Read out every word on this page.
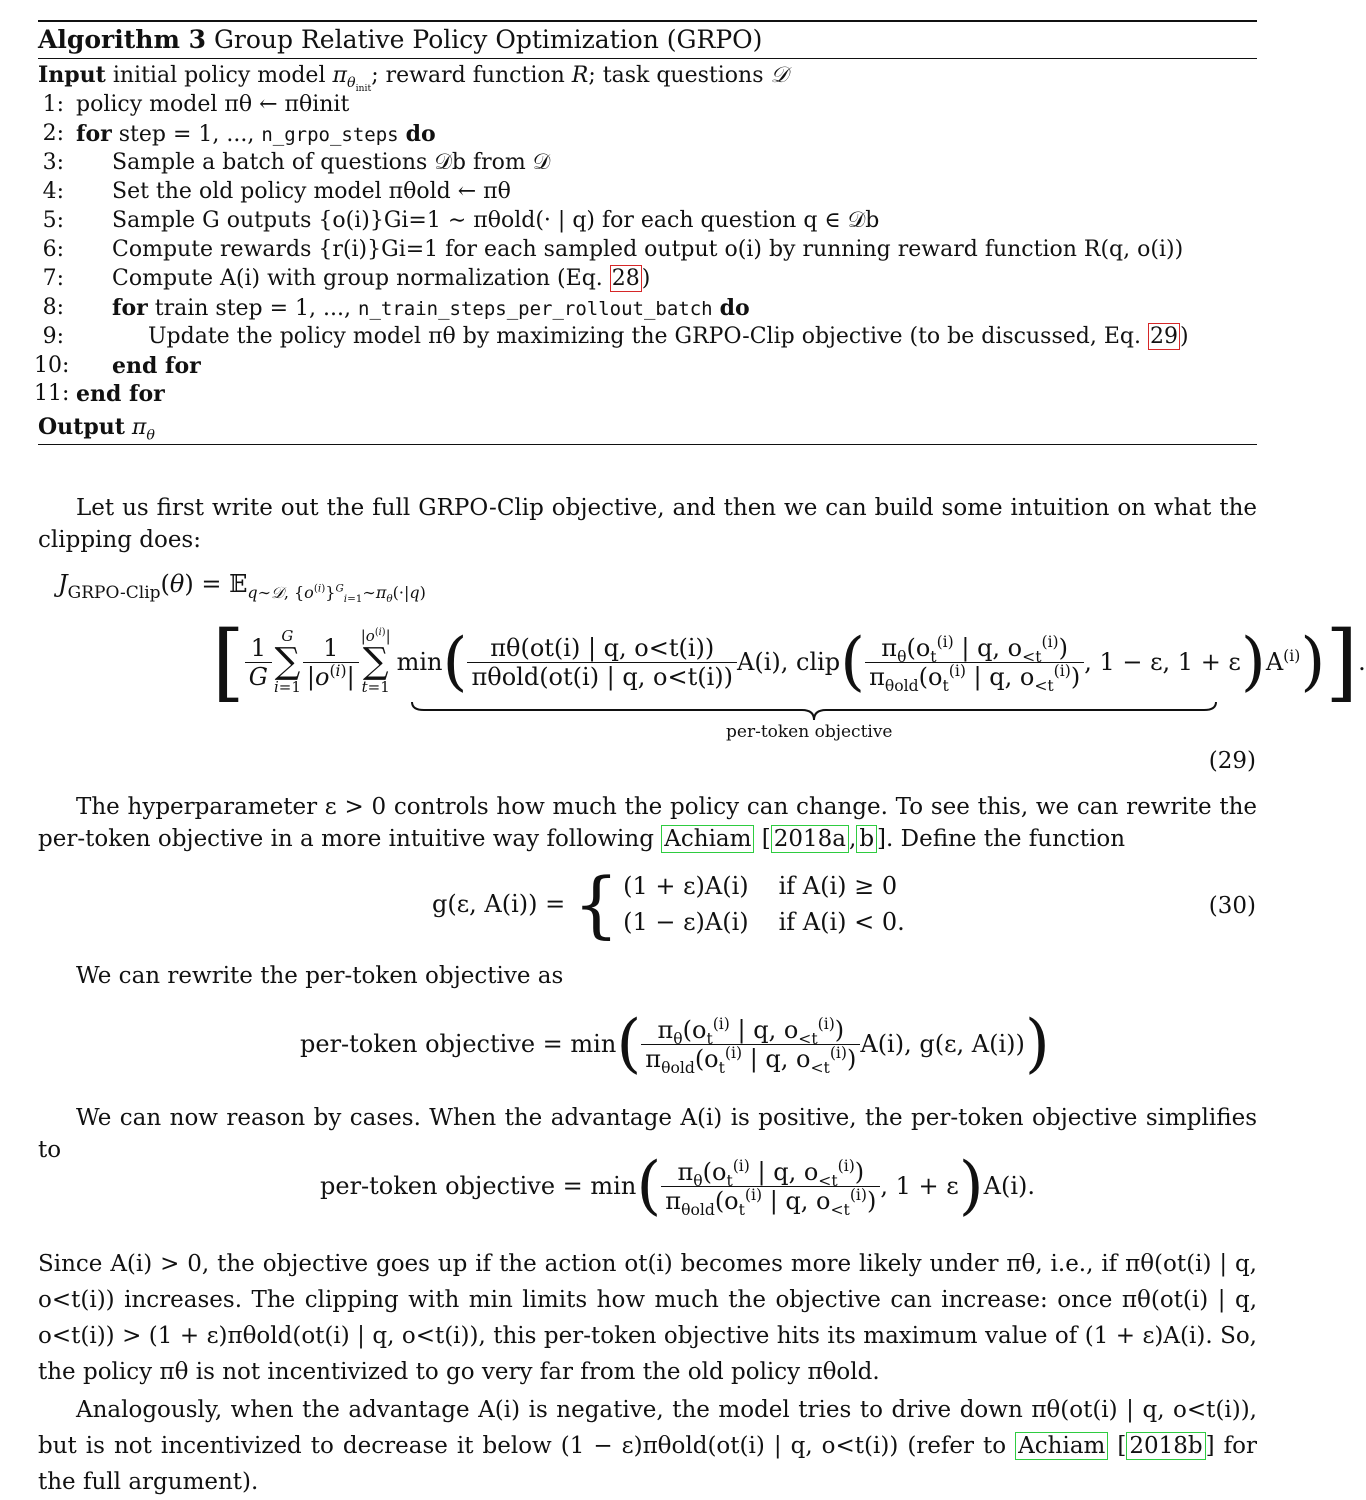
Algorithm 3 Group Relative Policy Optimization (GRPO)
Input initial policy model $\pi_{\theta_{init}}$; reward function R; task questions 𝒟
1: policy model πθ ← πθinit
2: for step = 1, ..., n_grpo_steps do
3: Sample a batch of questions 𝒟b from 𝒟
4: Set the old policy model πθold ← πθ
5: Sample G outputs {o(i)}Gi=1 ∼ πθold(· | q) for each question q ∈ 𝒟b
6: Compute rewards {r(i)}Gi=1 for each sampled output o(i) by running reward function R(q, o(i))
7: Compute A(i) with group normalization (Eq. 28)
8: for train step = 1, ..., n_train_steps_per_rollout_batch do
9:	Update the policy model πθ by maximizing the GRPO-Clip objective (to be discussed, Eq. 29)
10: end for
11: end for
Output $\pi_\theta$
Let us first write out the full GRPO-Clip objective, and then we can build some intuition on what the clipping does:
$J_{GRPO-Clip}(\theta)$ = 𝔼$_{q\sim 𝒟, \{o^{(i)}\}^G_{i=1}\sim\pi_\theta(\cdot|q)}$
[ $\frac{1}{G}$ G
∑
$i=1 \frac{1}{|o^{(i)}|} |o^{(i)}|$
∑
t=1
min ( $\frac{\pi\theta(ot(i) | q, o<t(i))}{\text{πθold(ot(i) | q, o<t(i))}} A(i)$ , clip ( $\frac{\pi_\theta(o_t^{(i)} | q, o_{<t}^{(i)})}{\pi_{\theta old}(o_t^{(i)} | q, o_{<t}^{(i)})}$ , 1 − ε, 1 + ε ) $A^{(i)}$ ) ] .
per-token objective
(29)
The hyperparameter ε > 0 controls how much the policy can change. To see this, we can rewrite the per-token objective in a more intuitive way following Achiam [ 2018a , b ]. Define the function
g(ε, A(i)) = { (1 + ε)A(i)
(1 − ε)A(i)
if A(i) ≥ 0
if A(i) < 0.
(30)
We can rewrite the per-token objective as
per-token objective = min ( $\frac{\pi_\theta(o_t^{(i)} | q, o_{<t}^{(i)})}{\pi_{\theta old}(o_t^{(i)} | q, o_{<t}^{(i)})} A(i)$, g(ε, A(i)) )
We can now reason by cases. When the advantage A(i) is positive, the per-token objective simplifies to
per-token objective = min ( $\frac{\pi_\theta(o_t^{(i)} | q, o_{<t}^{(i)})}{\pi_{\theta old}(o_t^{(i)} | q, o_{<t}^{(i)})}$ , 1 + ε ) A(i).
Since A(i) > 0, the objective goes up if the action ot(i) becomes more likely under πθ, i.e., if πθ(ot(i) | q, o<t(i)) increases. The clipping with min limits how much the objective can increase: once πθ(ot(i) | q, o<t(i)) > (1 + ε)πθold(ot(i) | q, o<t(i)), this per-token objective hits its maximum value of (1 + ε)A(i). So, the policy πθ is not incentivized to go very far from the old policy πθold.
Analogously, when the advantage A(i) is negative, the model tries to drive down πθ(ot(i) | q, o<t(i)), but is not incentivized to decrease it below (1 − ε)πθold(ot(i) | q, o<t(i)) (refer to Achiam [ 2018b ] for the full argument).
